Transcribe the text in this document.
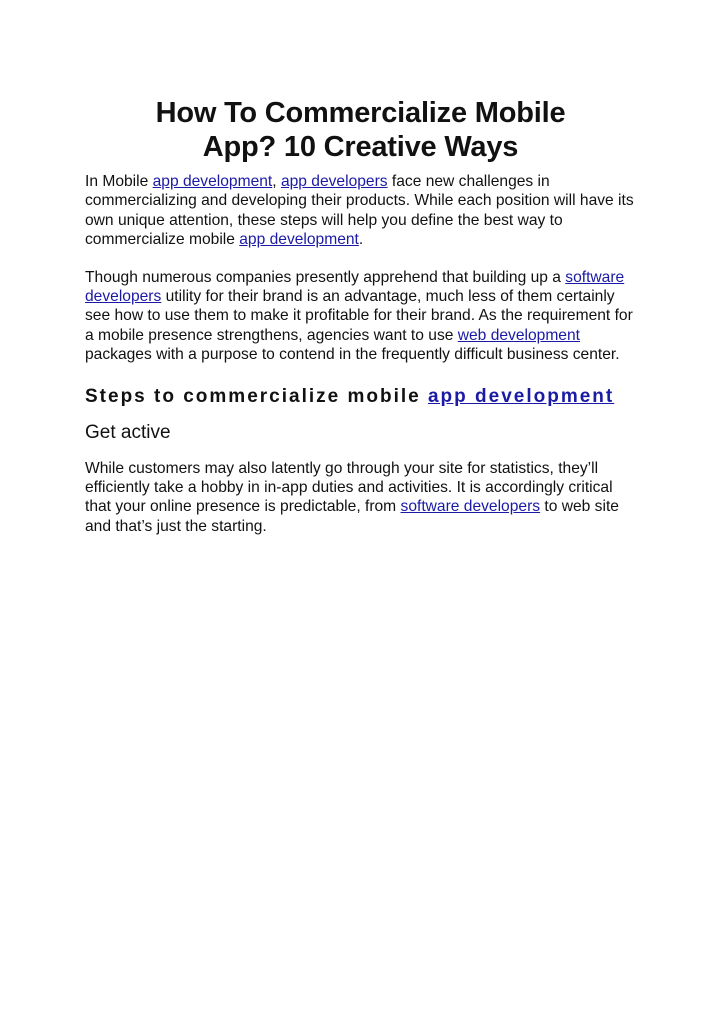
How To Commercialize Mobile
App? 10 Creative Ways

In Mobile app development, app developers face new challenges in commercializing and developing their products. While each position will have its own unique attention, these steps will help you define the best way to commercialize mobile app development.

Though numerous companies presently apprehend that building up a software developers utility for their brand is an advantage, much less of them certainly see how to use them to make it profitable for their brand. As the requirement for a mobile presence strengthens, agencies want to use web development packages with a purpose to contend in the frequently difficult business center.

Steps to commercialize mobile app development
Get active

While customers may also latently go through your site for statistics, they’ll efficiently take a hobby in in-app duties and activities. It is accordingly critical that your online presence is predictable, from software developers to web site and that’s just the starting.
